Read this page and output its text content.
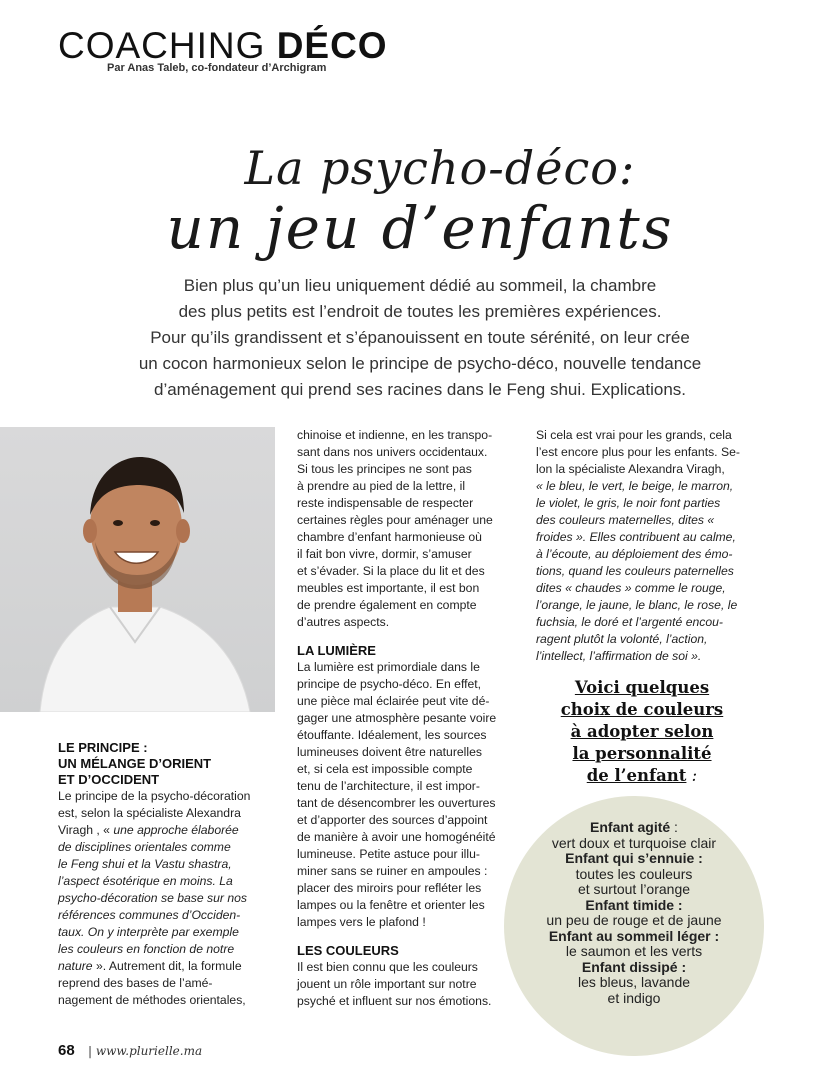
COACHING DÉCO
Par Anas Taleb, co-fondateur d’Archigram
La psycho-déco:
un jeu d’enfants
Bien plus qu’un lieu uniquement dédié au sommeil, la chambre
des plus petits est l’endroit de toutes les premières expériences.
Pour qu’ils grandissent et s’épanouissent en toute sérénité, on leur crée
un cocon harmonieux selon le principe de psycho-déco, nouvelle tendance
d’aménagement qui prend ses racines dans le Feng shui. Explications.
LE PRINCIPE :
UN MÉLANGE D’ORIENT
ET D’OCCIDENT

Le principe de la psycho-décoration
est, selon la spécialiste Alexandra
Viragh , « une approche élaborée
de disciplines orientales comme
le Feng shui et la Vastu shastra,
l’aspect ésotérique en moins. La
psycho-décoration se base sur nos
références communes d’Occiden-
taux. On y interprète par exemple
les couleurs en fonction de notre
nature ». Autrement dit, la formule
reprend des bases de l’amé-
nagement de méthodes orientales,

chinoise et indienne, en les transpo-
sant dans nos univers occidentaux.
Si tous les principes ne sont pas
à prendre au pied de la lettre, il
reste indispensable de respecter
certaines règles pour aménager une
chambre d’enfant harmonieuse où
il fait bon vivre, dormir, s’amuser
et s’évader. Si la place du lit et des
meubles est importante, il est bon
de prendre également en compte
d’autres aspects.

LA LUMIÈRE

La lumière est primordiale dans le
principe de psycho-déco. En effet,
une pièce mal éclairée peut vite dé-
gager une atmosphère pesante voire
étouffante. Idéalement, les sources
lumineuses doivent être naturelles
et, si cela est impossible compte
tenu de l’architecture, il est impor-
tant de désencombrer les ouvertures
et d’apporter des sources d’appoint
de manière à avoir une homogénéité
lumineuse. Petite astuce pour illu-
miner sans se ruiner en ampoules :
placer des miroirs pour refléter les
lampes ou la fenêtre et orienter les
lampes vers le plafond !

LES COULEURS

Il est bien connu que les couleurs
jouent un rôle important sur notre
psyché et influent sur nos émotions.

Si cela est vrai pour les grands, cela
l’est encore plus pour les enfants. Se-
lon la spécialiste Alexandra Viragh,
« le bleu, le vert, le beige, le marron,
le violet, le gris, le noir font parties
des couleurs maternelles, dites «
froides ». Elles contribuent au calme,
à l’écoute, au déploiement des émo-
tions, quand les couleurs paternelles
dites « chaudes » comme le rouge,
l’orange, le jaune, le blanc, le rose, le
fuchsia, le doré et l’argenté encou-
ragent plutôt la volonté, l’action,
l’intellect, l’affirmation de soi ».

Voici quelques
choix de couleurs
à adopter selon
la personnalité
de l’enfant :
Enfant agité :
vert doux et turquoise clair
Enfant qui s’ennuie :
toutes les couleurs
et surtout l’orange
Enfant timide :
un peu de rouge et de jaune
Enfant au sommeil léger :
le saumon et les verts
Enfant dissipé :
les bleus, lavande
et indigo
68 | www.plurielle.ma
